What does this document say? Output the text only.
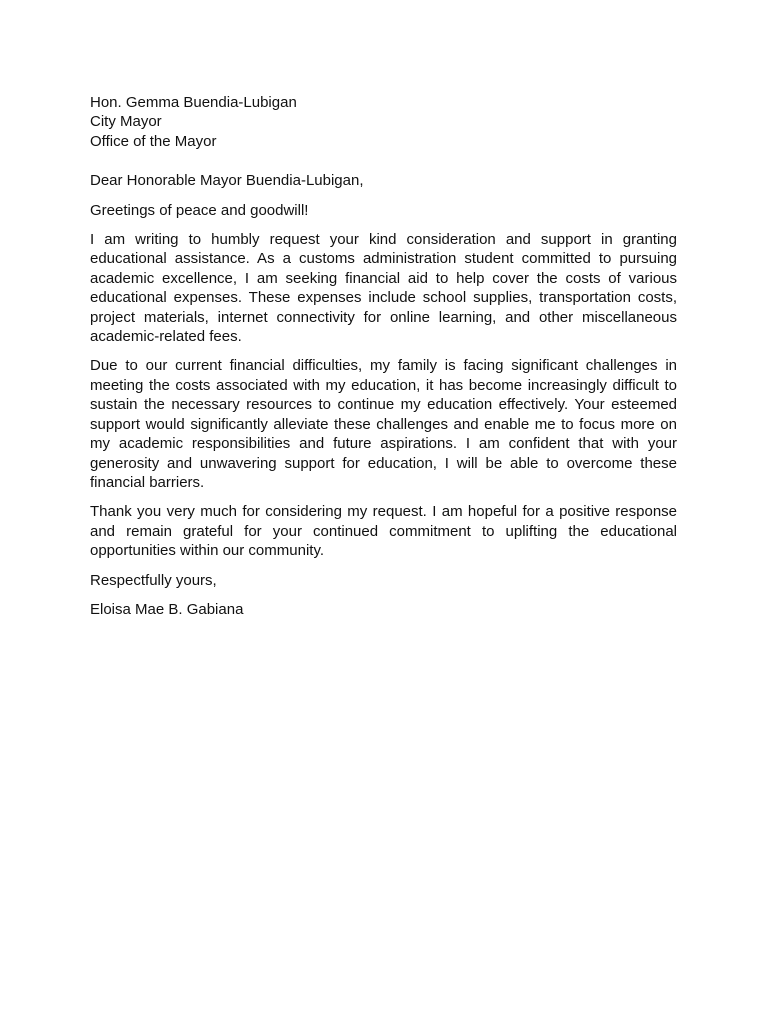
Hon. Gemma Buendia-Lubigan
City Mayor
Office of the Mayor
Dear Honorable Mayor Buendia-Lubigan,
Greetings of peace and goodwill!
I am writing to humbly request your kind consideration and support in granting educational assistance. As a customs administration student committed to pursuing academic excellence, I am seeking financial aid to help cover the costs of various educational expenses. These expenses include school supplies, transportation costs, project materials, internet connectivity for online learning, and other miscellaneous academic-related fees.
Due to our current financial difficulties, my family is facing significant challenges in meeting the costs associated with my education, it has become increasingly difficult to sustain the necessary resources to continue my education effectively. Your esteemed support would significantly alleviate these challenges and enable me to focus more on my academic responsibilities and future aspirations. I am confident that with your generosity and unwavering support for education, I will be able to overcome these financial barriers.
Thank you very much for considering my request. I am hopeful for a positive response and remain grateful for your continued commitment to uplifting the educational opportunities within our community.
Respectfully yours,
Eloisa Mae B. Gabiana
